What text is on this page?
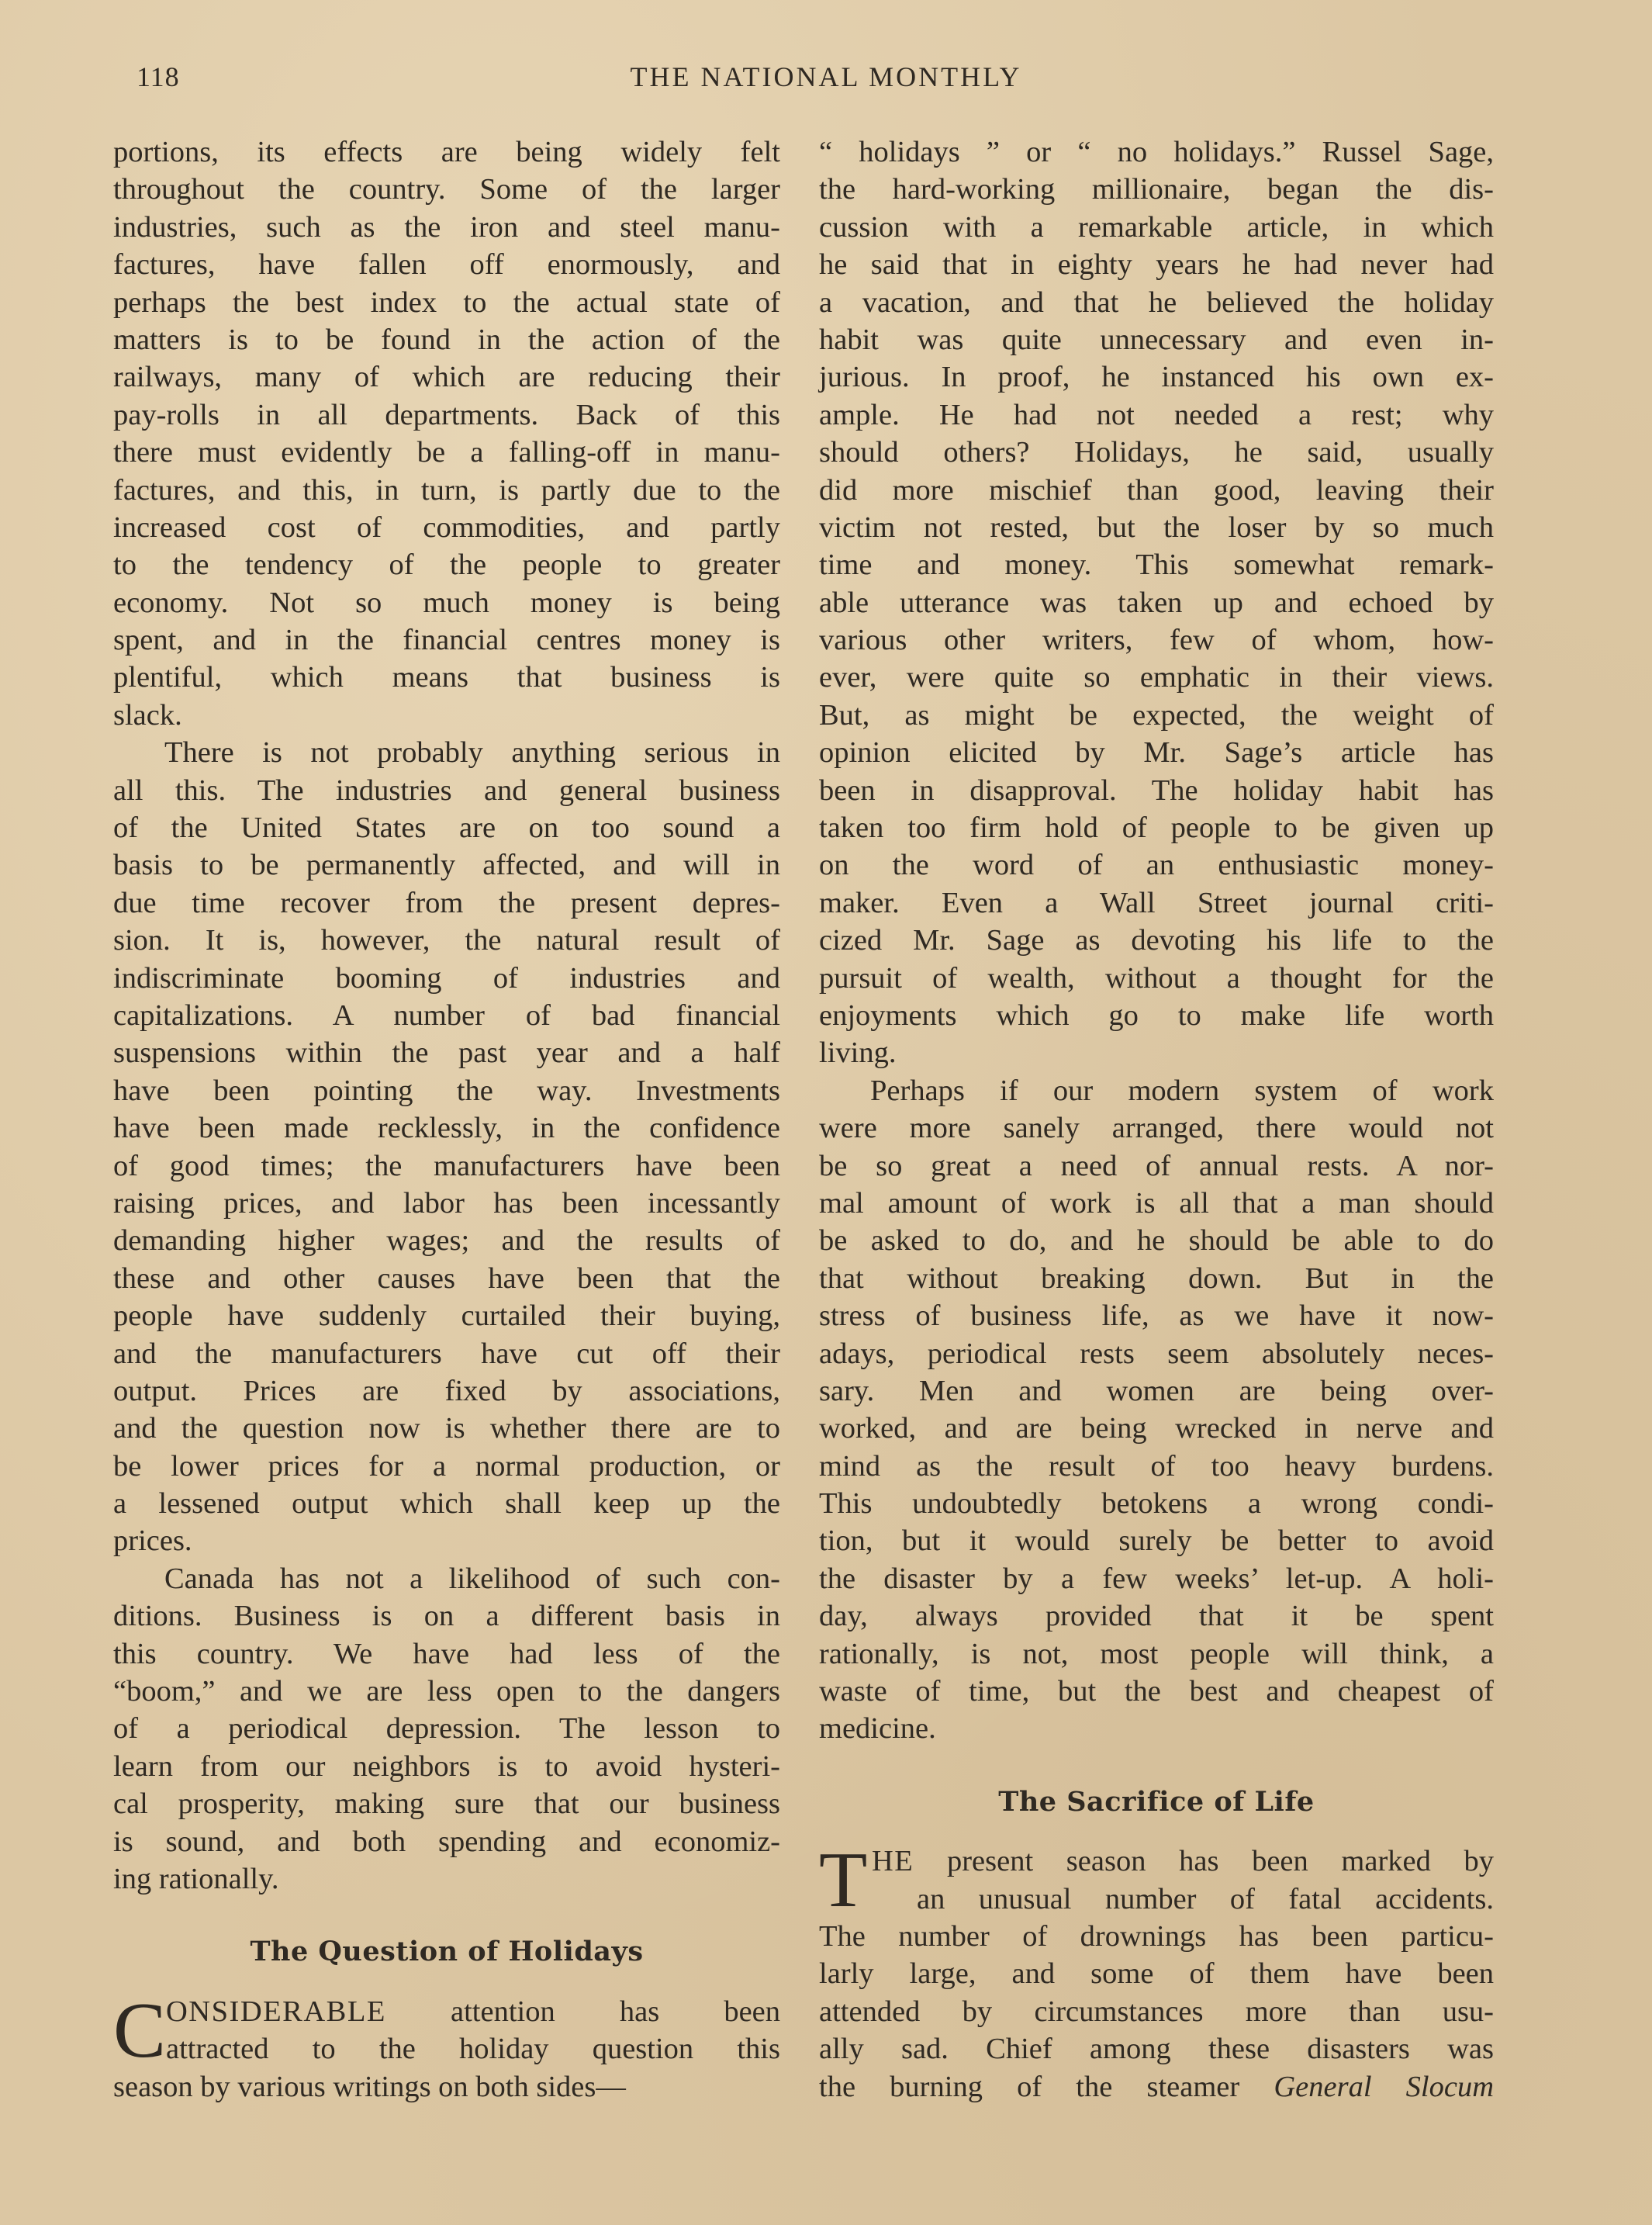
118	THE NATIONAL MONTHLY
portions, its effects are being widely felt
throughout the country. Some of the larger
industries, such as the iron and steel manu-
factures, have fallen off enormously, and
perhaps the best index to the actual state of
matters is to be found in the action of the
railways, many of which are reducing their
pay-rolls in all departments. Back of this
there must evidently be a falling-off in manu-
factures, and this, in turn, is partly due to the
increased cost of commodities, and partly
to the tendency of the people to greater
economy. Not so much money is being
spent, and in the financial centres money is
plentiful, which means that business is
slack.
There is not probably anything serious in
all this. The industries and general business
of the United States are on too sound a
basis to be permanently affected, and will in
due time recover from the present depres-
sion. It is, however, the natural result of
indiscriminate booming of industries and
capitalizations. A number of bad financial
suspensions within the past year and a half
have been pointing the way. Investments
have been made recklessly, in the confidence
of good times; the manufacturers have been
raising prices, and labor has been incessantly
demanding higher wages; and the results of
these and other causes have been that the
people have suddenly curtailed their buying,
and the manufacturers have cut off their
output. Prices are fixed by associations,
and the question now is whether there are to
be lower prices for a normal production, or
a lessened output which shall keep up the
prices.
Canada has not a likelihood of such con-
ditions. Business is on a different basis in
this country. We have had less of the
“boom,” and we are less open to the dangers
of a periodical depression. The lesson to
learn from our neighbors is to avoid hysteri-
cal prosperity, making sure that our business
is sound, and both spending and economiz-
ing rationally.
The Question of Holidays
C ONSIDERABLE attention has been
attracted to the holiday question this
season by various writings on both sides—
“ holidays ” or “ no holidays.” Russel Sage,
the hard-working millionaire, began the dis-
cussion with a remarkable article, in which
he said that in eighty years he had never had
a vacation, and that he believed the holiday
habit was quite unnecessary and even in-
jurious. In proof, he instanced his own ex-
ample. He had not needed a rest; why
should others? Holidays, he said, usually
did more mischief than good, leaving their
victim not rested, but the loser by so much
time and money. This somewhat remark-
able utterance was taken up and echoed by
various other writers, few of whom, how-
ever, were quite so emphatic in their views.
But, as might be expected, the weight of
opinion elicited by Mr. Sage’s article has
been in disapproval. The holiday habit has
taken too firm hold of people to be given up
on the word of an enthusiastic money-
maker. Even a Wall Street journal criti-
cized Mr. Sage as devoting his life to the
pursuit of wealth, without a thought for the
enjoyments which go to make life worth
living.
Perhaps if our modern system of work
were more sanely arranged, there would not
be so great a need of annual rests. A nor-
mal amount of work is all that a man should
be asked to do, and he should be able to do
that without breaking down. But in the
stress of business life, as we have it now-
adays, periodical rests seem absolutely neces-
sary. Men and women are being over-
worked, and are being wrecked in nerve and
mind as the result of too heavy burdens.
This undoubtedly betokens a wrong condi-
tion, but it would surely be better to avoid
the disaster by a few weeks’ let-up. A holi-
day, always provided that it be spent
rationally, is not, most people will think, a
waste of time, but the best and cheapest of
medicine.
The Sacrifice of Life
T HE present season has been marked by
an unusual number of fatal accidents.
The number of drownings has been particu-
larly large, and some of them have been
attended by circumstances more than usu-
ally sad. Chief among these disasters was
the burning of the steamer General Slocum
